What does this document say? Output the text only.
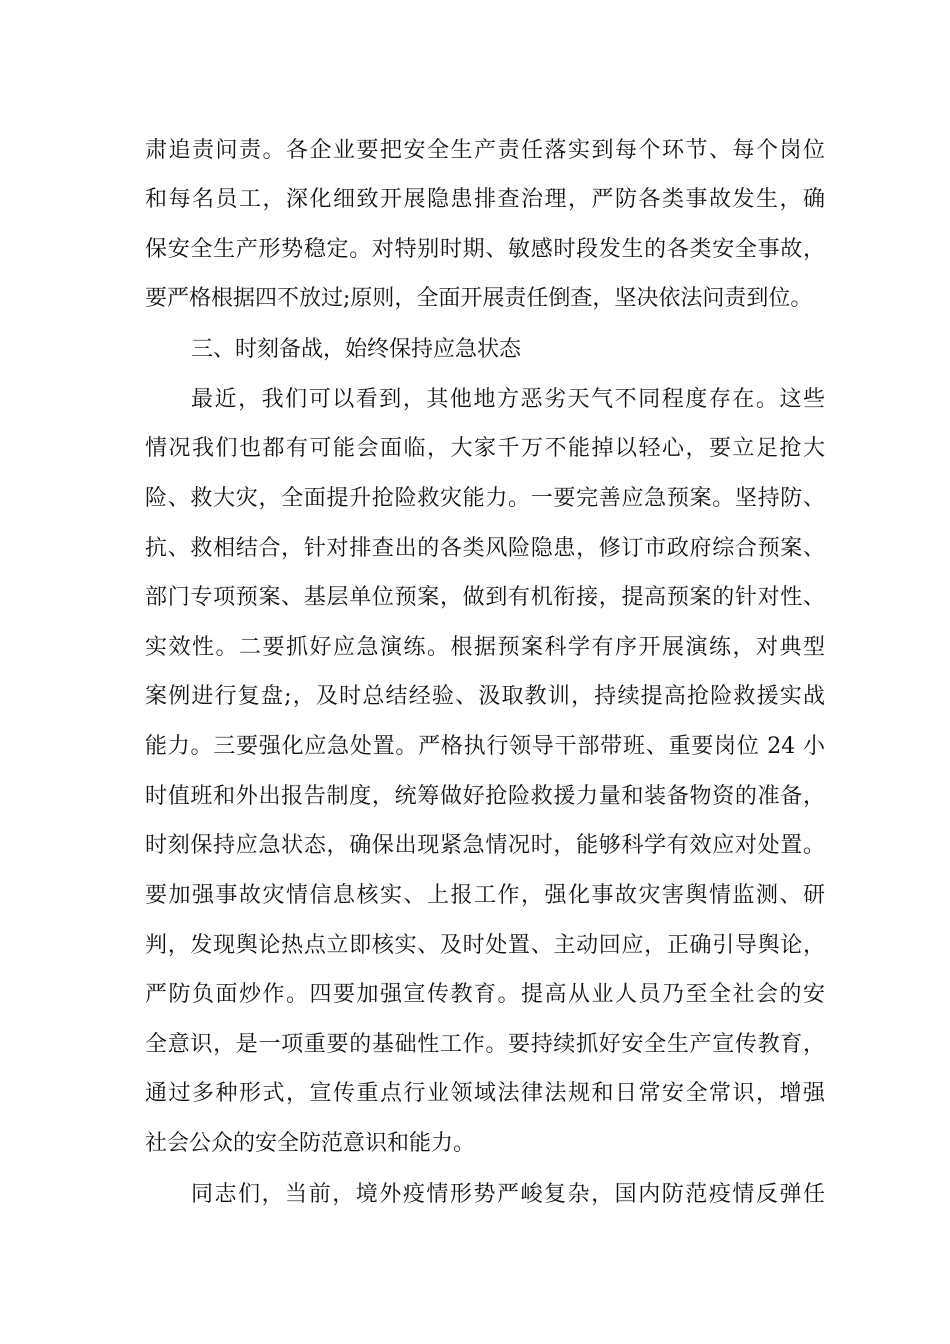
肃追责问责。各企业要把安全生产责任落实到每个环节、每个岗位
和每名员工，深化细致开展隐患排查治理，严防各类事故发生，确
保安全生产形势稳定。对特别时期、敏感时段发生的各类安全事故，
要严格根据四不放过;原则，全面开展责任倒查，坚决依法问责到位。
三、时刻备战，始终保持应急状态
最近，我们可以看到，其他地方恶劣天气不同程度存在。这些
情况我们也都有可能会面临，大家千万不能掉以轻心，要立足抢大
险、救大灾，全面提升抢险救灾能力。一要完善应急预案。坚持防、
抗、救相结合，针对排查出的各类风险隐患，修订市政府综合预案、
部门专项预案、基层单位预案，做到有机衔接，提高预案的针对性、
实效性。二要抓好应急演练。根据预案科学有序开展演练，对典型
案例进行复盘;，及时总结经验、汲取教训，持续提高抢险救援实战
能力。三要强化应急处置。严格执行领导干部带班、重要岗位 24 小
时值班和外出报告制度，统筹做好抢险救援力量和装备物资的准备，
时刻保持应急状态，确保出现紧急情况时，能够科学有效应对处置。
要加强事故灾情信息核实、上报工作，强化事故灾害舆情监测、研
判，发现舆论热点立即核实、及时处置、主动回应，正确引导舆论，
严防负面炒作。四要加强宣传教育。提高从业人员乃至全社会的安
全意识，是一项重要的基础性工作。要持续抓好安全生产宣传教育，
通过多种形式，宣传重点行业领域法律法规和日常安全常识，增强
社会公众的安全防范意识和能力。
同志们，当前，境外疫情形势严峻复杂，国内防范疫情反弹任
